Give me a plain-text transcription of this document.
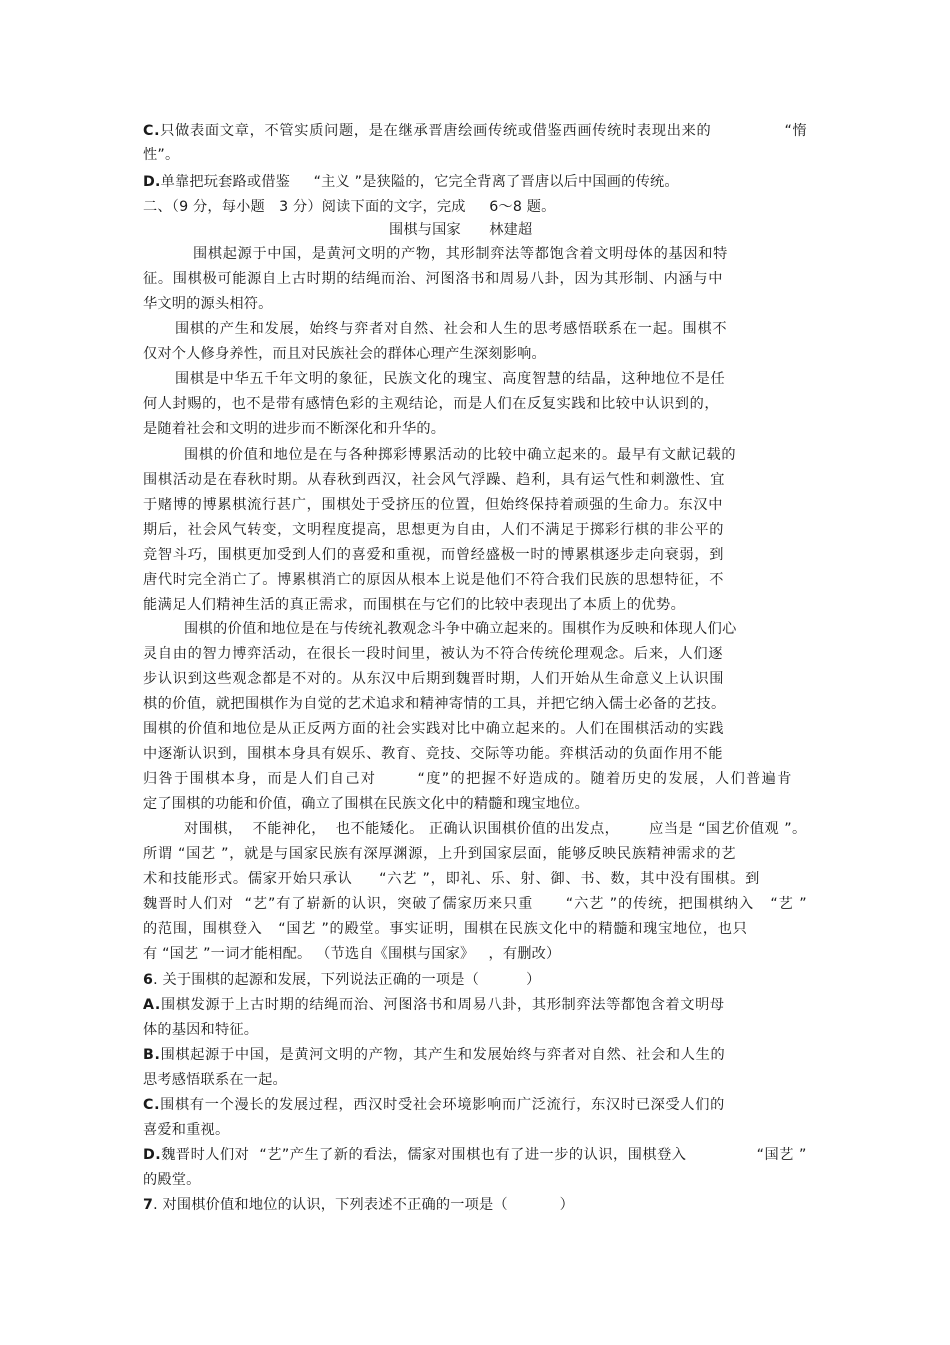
C.只做表面文章，不管实质问题，是在继承晋唐绘画传统或借鉴西画传统时表现出来的              “惰
性”。
D.单靠把玩套路或借鉴     “主义 ”是狭隘的，它完全背离了晋唐以后中国画的传统。
二、（9 分，每小题   3 分）阅读下面的文字，完成     6～8 题。
围棋与国家      林建超
围棋起源于中国，是黄河文明的产物，其形制弈法等都饱含着文明母体的基因和特
征。围棋极可能源自上古时期的结绳而治、河图洛书和周易八卦，因为其形制、内涵与中
华文明的源头相符。
围棋的产生和发展，始终与弈者对自然、社会和人生的思考感悟联系在一起。围棋不
仅对个人修身养性，而且对民族社会的群体心理产生深刻影响。
围棋是中华五千年文明的象征，民族文化的瑰宝、高度智慧的结晶，这种地位不是任
何人封赐的，也不是带有感情色彩的主观结论，而是人们在反复实践和比较中认识到的，
是随着社会和文明的进步而不断深化和升华的。
围棋的价值和地位是在与各种掷彩博累活动的比较中确立起来的。最早有文献记载的
围棋活动是在春秋时期。从春秋到西汉，社会风气浮躁、趋利，具有运气性和刺激性、宜
于赌博的博累棋流行甚广，围棋处于受挤压的位置，但始终保持着顽强的生命力。东汉中
期后，社会风气转变，文明程度提高，思想更为自由，人们不满足于掷彩行棋的非公平的
竞智斗巧，围棋更加受到人们的喜爱和重视，而曾经盛极一时的博累棋逐步走向衰弱，到
唐代时完全消亡了。博累棋消亡的原因从根本上说是他们不符合我们民族的思想特征，不
能满足人们精神生活的真正需求，而围棋在与它们的比较中表现出了本质上的优势。
围棋的价值和地位是在与传统礼教观念斗争中确立起来的。围棋作为反映和体现人们心
灵自由的智力博弈活动，在很长一段时间里，被认为不符合传统伦理观念。后来，人们逐
步认识到这些观念都是不对的。从东汉中后期到魏晋时期，人们开始从生命意义上认识围
棋的价值，就把围棋作为自觉的艺术追求和精神寄情的工具，并把它纳入儒士必备的艺技。
围棋的价值和地位是从正反两方面的社会实践对比中确立起来的。人们在围棋活动的实践
中逐渐认识到，围棋本身具有娱乐、教育、竞技、交际等功能。弈棋活动的负面作用不能
归咎于围棋本身，而是人们自己对       “度”的把握不好造成的。随着历史的发展，人们普遍肯
定了围棋的功能和价值，确立了围棋在民族文化中的精髓和瑰宝地位。
对围棋，  不能神化，  也不能矮化。 正确认识围棋价值的出发点，      应当是 “国艺价值观 ”。
所谓 “国艺 ”，就是与国家民族有深厚渊源，上升到国家层面，能够反映民族精神需求的艺
术和技能形式。儒家开始只承认     “六艺 ”，即礼、乐、射、御、书、数，其中没有围棋。到
魏晋时人们对  “艺”有了崭新的认识，突破了儒家历来只重      “六艺 ”的传统，把围棋纳入   “艺 ”
的范围，围棋登入   “国艺 ”的殿堂。事实证明，围棋在民族文化中的精髓和瑰宝地位，也只
有 “国艺 ”一词才能相配。 （节选自《围棋与国家》   ，有删改）
6. 关于围棋的起源和发展，下列说法正确的一项是（          ）
A.围棋发源于上古时期的结绳而治、河图洛书和周易八卦，其形制弈法等都饱含着文明母
体的基因和特征。
B.围棋起源于中国，是黄河文明的产物，其产生和发展始终与弈者对自然、社会和人生的
思考感悟联系在一起。
C.围棋有一个漫长的发展过程，西汉时受社会环境影响而广泛流行，东汉时已深受人们的
喜爱和重视。
D.魏晋时人们对  “艺”产生了新的看法，儒家对围棋也有了进一步的认识，围棋登入              “国艺 ”
的殿堂。
7. 对围棋价值和地位的认识，下列表述不正确的一项是（           ）
